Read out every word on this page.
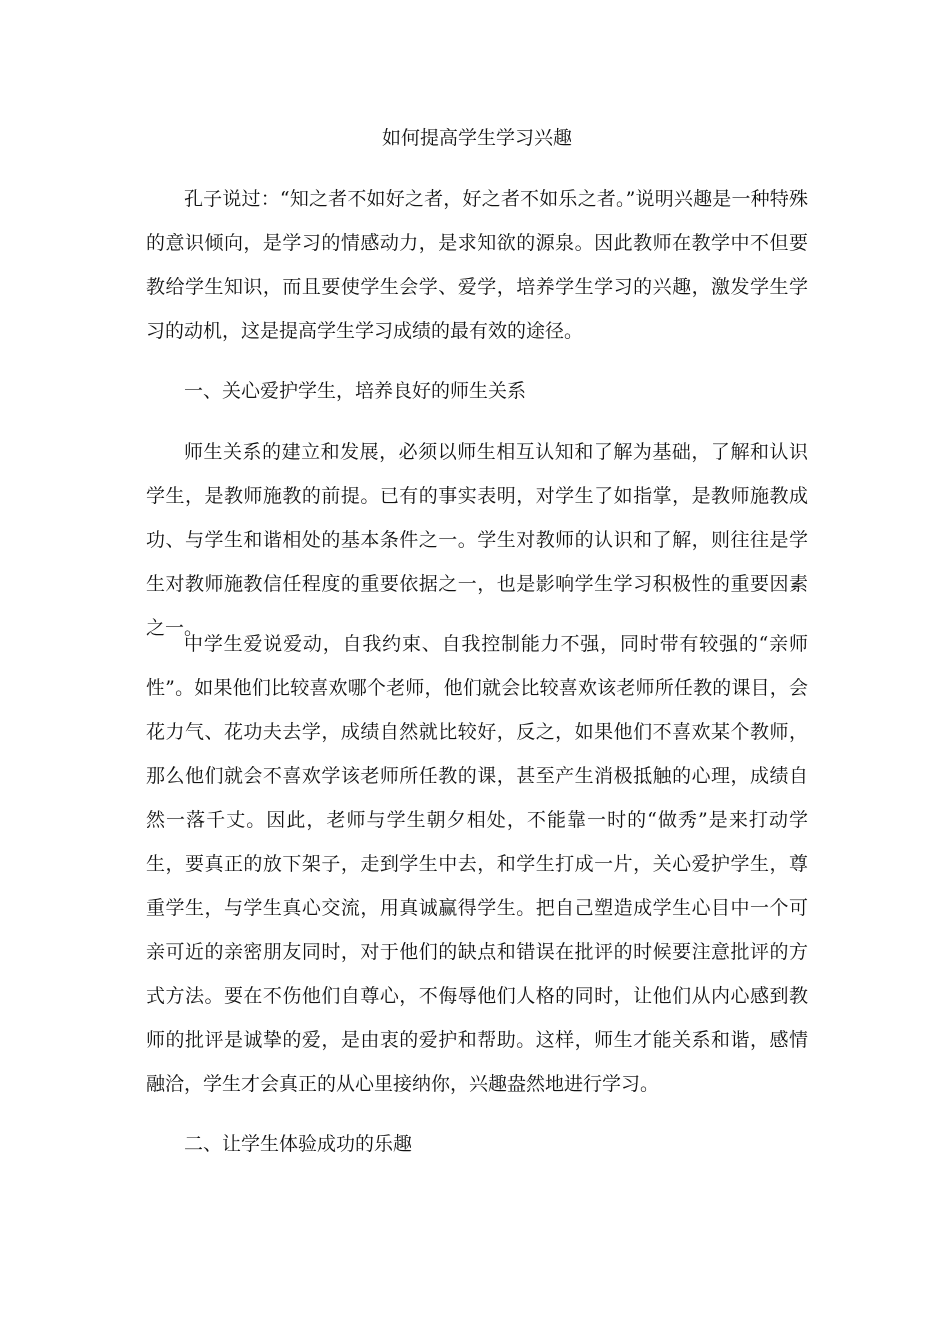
如何提高学生学习兴趣

孔子说过：“知之者不如好之者，好之者不如乐之者。”说明兴趣是一种特殊的意识倾向，是学习的情感动力，是求知欲的源泉。因此教师在教学中不但要教给学生知识，而且要使学生会学、爱学，培养学生学习的兴趣，激发学生学习的动机，这是提高学生学习成绩的最有效的途径。

一、关心爱护学生，培养良好的师生关系

师生关系的建立和发展，必须以师生相互认知和了解为基础，了解和认识学生，是教师施教的前提。已有的事实表明，对学生了如指掌，是教师施教成功、与学生和谐相处的基本条件之一。学生对教师的认识和了解，则往往是学生对教师施教信任程度的重要依据之一，也是影响学生学习积极性的重要因素之一。

中学生爱说爱动，自我约束、自我控制能力不强，同时带有较强的“亲师性”。如果他们比较喜欢哪个老师，他们就会比较喜欢该老师所任教的课目，会花力气、花功夫去学，成绩自然就比较好，反之，如果他们不喜欢某个教师，那么他们就会不喜欢学该老师所任教的课，甚至产生消极抵触的心理，成绩自然一落千丈。因此，老师与学生朝夕相处，不能靠一时的“做秀”是来打动学生，要真正的放下架子，走到学生中去，和学生打成一片，关心爱护学生，尊重学生，与学生真心交流，用真诚赢得学生。把自己塑造成学生心目中一个可亲可近的亲密朋友同时，对于他们的缺点和错误在批评的时候要注意批评的方式方法。要在不伤他们自尊心，不侮辱他们人格的同时，让他们从内心感到教师的批评是诚挚的爱，是由衷的爱护和帮助。这样，师生才能关系和谐，感情融洽，学生才会真正的从心里接纳你，兴趣盎然地进行学习。

二、让学生体验成功的乐趣
